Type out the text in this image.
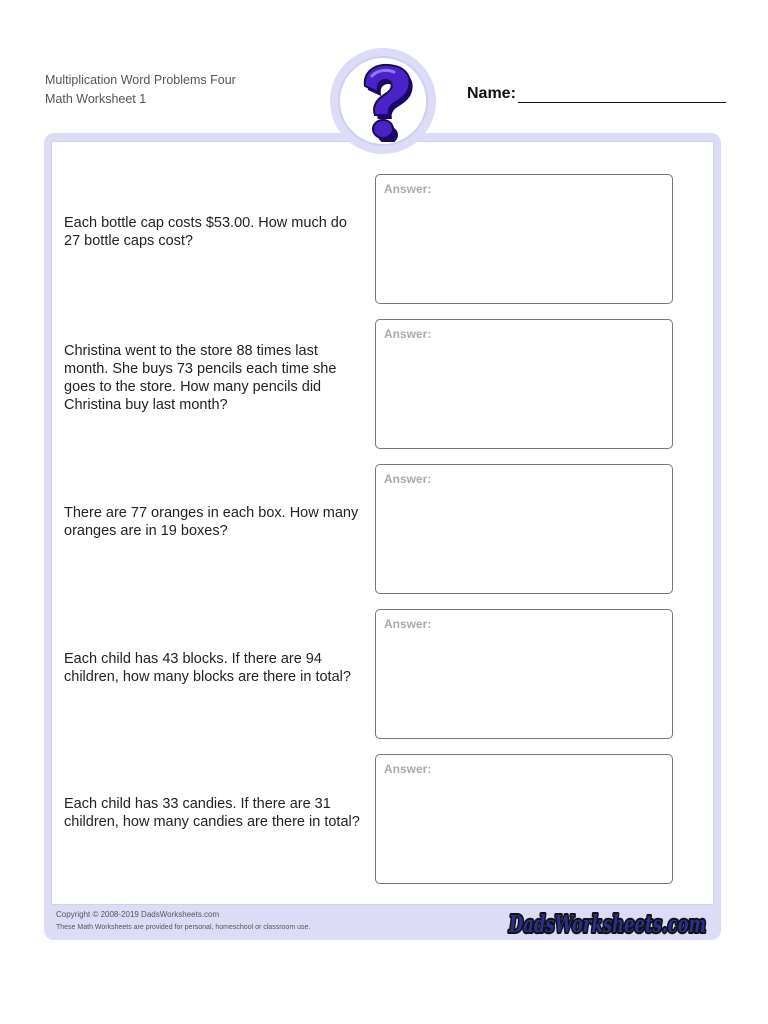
Multiplication Word Problems Four
Math Worksheet 1	Name:
Each bottle cap costs $53.00. How much do 27 bottle caps cost?
Answer:
Christina went to the store 88 times last month. She buys 73 pencils each time she goes to the store. How many pencils did Christina buy last month?
Answer:
There are 77 oranges in each box. How many oranges are in 19 boxes?
Answer:
Each child has 43 blocks. If there are 94 children, how many blocks are there in total?
Answer:
Each child has 33 candies. If there are 31 children, how many candies are there in total?
Answer:
Copyright © 2008-2019 DadsWorksheets.com
These Math Worksheets are provided for personal, homeschool or classroom use.	DadsWorksheets.com
DadsWorksheets.com
